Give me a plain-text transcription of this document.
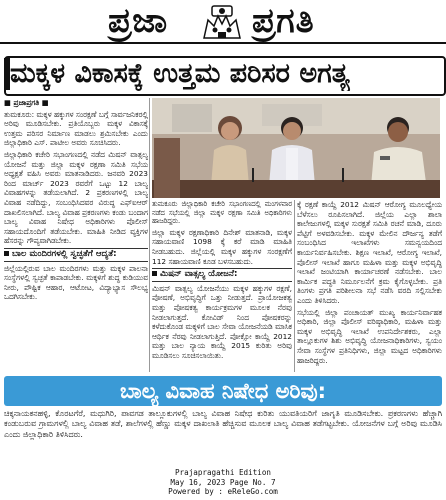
ಪ್ರಜಾ ಪ್ರಗತಿ
ಮಕ್ಕಳ ವಿಕಾಸಕ್ಕೆ ಉತ್ತಮ ಪರಿಸರ ಅಗತ್ಯ

■ ಪ್ರಜಾಪ್ರಗತಿ ■

ತುಮಕೂರು: ಮಕ್ಕಳ ಹಕ್ಕುಗಳ ಸಂರಕ್ಷಣೆ ಬಗ್ಗೆ ಸಾರ್ವಜನಿಕರಲ್ಲಿ ಅರಿವು ಮೂಡಿಸಬೇಕು. ಪ್ರತಿಯೊಬ್ಬರು ಮಕ್ಕಳ ವಿಕಾಸಕ್ಕೆ ಉತ್ತಮ ಪರಿಸರ ನಿರ್ಮಾಣ ಮಾಡಲು ಶ್ರಮಿಸಬೇಕು ಎಂದು ಜಿಲ್ಲಾಧಿಕಾರಿ ಎಸ್. ಪಾಟೀಲ ಅವರು ಸೂಚಿಸಿದರು.

ಜಿಲ್ಲಾಧಿಕಾರಿ ಕಚೇರಿ ಸಭಾಂಗಣದಲ್ಲಿ ನಡೆದ ಮಿಷನ್ ವಾತ್ಸಲ್ಯ ಯೋಜನೆ ಮತ್ತು ಜಿಲ್ಲಾ ಮಕ್ಕಳ ರಕ್ಷಣಾ ಸಮಿತಿ ಸಭೆಯ ಅಧ್ಯಕ್ಷತೆ ವಹಿಸಿ ಅವರು ಮಾತನಾಡಿದರು. ಜನವರಿ 2023 ರಿಂದ ಮಾರ್ಚ್ 2023 ರವರೆಗೆ ಒಟ್ಟು 12 ಬಾಲ್ಯ ವಿವಾಹಗಳನ್ನು ತಡೆಯಲಾಗಿದೆ. 2 ಪ್ರಕರಣಗಳಲ್ಲಿ ಬಾಲ್ಯ ವಿವಾಹ ನಡೆದಿದ್ದು, ಸಂಬಂಧಿಸಿದವರ ವಿರುದ್ಧ ಎಫ್ಐಆರ್ ದಾಖಲಿಸಲಾಗಿದೆ. ಬಾಲ್ಯ ವಿವಾಹ ಪ್ರಕರಣಗಳು ಕಂಡು ಬಂದಾಗ ಬಾಲ್ಯ ವಿವಾಹ ನಿಷೇಧ ಅಧಿಕಾರಿಗಳು ಪೊಲೀಸ್ ಸಹಾಯದೊಂದಿಗೆ ತಡೆಯಬೇಕು. ಮಾಹಿತಿ ನೀಡಿದ ವ್ಯಕ್ತಿಗಳ ಹೆಸರನ್ನು ಗೌಪ್ಯವಾಗಿಡಬೇಕು.

ಬಾಲ ಮಂದಿರಗಳಲ್ಲಿ ಸ್ವಚ್ಛತೆಗೆ ಆದ್ಯತೆ:

ಜಿಲ್ಲೆಯಲ್ಲಿರುವ ಬಾಲ ಮಂದಿರಗಳು ಮತ್ತು ಮಕ್ಕಳ ಪಾಲನಾ ಸಂಸ್ಥೆಗಳಲ್ಲಿ ಸ್ವಚ್ಛತೆ ಕಾಪಾಡಬೇಕು. ಮಕ್ಕಳಿಗೆ ಶುದ್ಧ ಕುಡಿಯುವ ನೀರು, ಪೌಷ್ಟಿಕ ಆಹಾರ, ಆಟೋಟ, ವಿದ್ಯಾಭ್ಯಾಸ ಸೌಲಭ್ಯ ಒದಗಿಸಬೇಕು.

ತುಮಕೂರು ಜಿಲ್ಲಾಧಿಕಾರಿ ಕಚೇರಿ ಸಭಾಂಗಣದಲ್ಲಿ ಮಂಗಳವಾರ ನಡೆದ ಸಭೆಯಲ್ಲಿ ಜಿಲ್ಲಾ ಮಕ್ಕಳ ರಕ್ಷಣಾ ಸಮಿತಿ ಅಧಿಕಾರಿಗಳು ಹಾಜರಿದ್ದರು.

ಜಿಲ್ಲಾ ಮಕ್ಕಳ ರಕ್ಷಣಾಧಿಕಾರಿ ದಿನೇಶ್ ಮಾತನಾಡಿ, ಮಕ್ಕಳ ಸಹಾಯವಾಣಿ 1098 ಕ್ಕೆ ಕರೆ ಮಾಡಿ ಮಾಹಿತಿ ನೀಡಬಹುದು. ಜಿಲ್ಲೆಯಲ್ಲಿ ಮಕ್ಕಳ ಹಕ್ಕುಗಳ ಸಂರಕ್ಷಣೆಗೆ 112 ಸಹಾಯವಾಣಿ ಕೂಡ ಬಳಸಬಹುದು.

ಮಿಷನ್ ವಾತ್ಸಲ್ಯ ಯೋಜನೆ:

ಮಿಷನ್ ವಾತ್ಸಲ್ಯ ಯೋಜನೆಯು ಮಕ್ಕಳ ಹಕ್ಕುಗಳ ರಕ್ಷಣೆ, ಪೋಷಣೆ, ಅಭಿವೃದ್ಧಿಗೆ ಒತ್ತು ನೀಡುತ್ತದೆ. ಪ್ರಾಯೋಜಕತ್ವ ಮತ್ತು ಪೋಷಕತ್ವ ಕಾರ್ಯಕ್ರಮಗಳ ಮೂಲಕ ನೆರವು ನೀಡಲಾಗುತ್ತದೆ. ಕೋವಿಡ್ ನಿಂದ ಪೋಷಕರನ್ನು ಕಳೆದುಕೊಂಡ ಮಕ್ಕಳಿಗೆ ಬಾಲ ಸೇವಾ ಯೋಜನೆಯಡಿ ಮಾಸಿಕ ಆರ್ಥಿಕ ನೆರವು ನೀಡಲಾಗುತ್ತಿದೆ. ಪೋಕ್ಸೋ ಕಾಯ್ದೆ 2012 ಮತ್ತು ಬಾಲ ನ್ಯಾಯ ಕಾಯ್ದೆ 2015 ಕುರಿತು ಅರಿವು ಮೂಡಿಸಲು ಸೂಚಿಸಲಾಯಿತು.

ಕ್ಕೆ ರಕ್ಷಣೆ ಕಾಯ್ದೆ 2012 ಮಿಷನ್ ಆರೋಗ್ಯ ಮೂಲಧ್ಯೇಯ ಬೆಳೆಸಲು ರೂಪಿಸಲಾಗಿದೆ. ಜಿಲ್ಲೆಯ ಎಲ್ಲಾ ಶಾಲಾ ಕಾಲೇಜುಗಳಲ್ಲಿ ಮಕ್ಕಳ ಸುರಕ್ಷತೆ ಸಮಿತಿ ರಚನೆ ಮಾಡಿ, ದೂರು ಪೆಟ್ಟಿಗೆ ಅಳವಡಿಸಬೇಕು. ಮಕ್ಕಳ ಮೇಲಿನ ದೌರ್ಜನ್ಯ ತಡೆಗೆ ಸಂಬಂಧಿಸಿದ ಇಲಾಖೆಗಳು ಸಮನ್ವಯದಿಂದ ಕಾರ್ಯನಿರ್ವಹಿಸಬೇಕು. ಶಿಕ್ಷಣ ಇಲಾಖೆ, ಆರೋಗ್ಯ ಇಲಾಖೆ, ಪೊಲೀಸ್ ಇಲಾಖೆ ಹಾಗೂ ಮಹಿಳಾ ಮತ್ತು ಮಕ್ಕಳ ಅಭಿವೃದ್ಧಿ ಇಲಾಖೆ ಜಂಟಿಯಾಗಿ ಕಾರ್ಯಾಚರಣೆ ನಡೆಸಬೇಕು. ಬಾಲ ಕಾರ್ಮಿಕ ಪದ್ಧತಿ ನಿರ್ಮೂಲನೆಗೆ ಕ್ರಮ ಕೈಗೊಳ್ಳಬೇಕು. ಪ್ರತಿ ತಿಂಗಳು ಪ್ರಗತಿ ಪರಿಶೀಲನಾ ಸಭೆ ನಡೆಸಿ ವರದಿ ಸಲ್ಲಿಸಬೇಕು ಎಂದು ತಿಳಿಸಿದರು.

ಸಭೆಯಲ್ಲಿ ಜಿಲ್ಲಾ ಪಂಚಾಯತ್ ಮುಖ್ಯ ಕಾರ್ಯನಿರ್ವಾಹಕ ಅಧಿಕಾರಿ, ಜಿಲ್ಲಾ ಪೊಲೀಸ್ ವರಿಷ್ಠಾಧಿಕಾರಿ, ಮಹಿಳಾ ಮತ್ತು ಮಕ್ಕಳ ಅಭಿವೃದ್ಧಿ ಇಲಾಖೆ ಉಪನಿರ್ದೇಶಕರು, ಎಲ್ಲಾ ತಾಲ್ಲೂಕುಗಳ ಶಿಶು ಅಭಿವೃದ್ಧಿ ಯೋಜನಾಧಿಕಾರಿಗಳು, ಸ್ವಯಂ ಸೇವಾ ಸಂಸ್ಥೆಗಳ ಪ್ರತಿನಿಧಿಗಳು, ಜಿಲ್ಲಾ ಮಟ್ಟದ ಅಧಿಕಾರಿಗಳು ಹಾಜರಿದ್ದರು.

ಬಾಲ್ಯ ವಿವಾಹ ನಿಷೇಧ ಅರಿವು:

ಚಿಕ್ಕನಾಯಕನಹಳ್ಳಿ, ಕೊರಟಗೆರೆ, ಮಧುಗಿರಿ, ಪಾವಗಡ ತಾಲ್ಲೂಕುಗಳಲ್ಲಿ ಬಾಲ್ಯ ವಿವಾಹ ನಿಷೇಧ ಕುರಿತು ಯುವತಿಯರಿಗೆ ಜಾಗೃತಿ ಮೂಡಿಸಬೇಕು. ಪ್ರಕರಣಗಳು ಹೆಚ್ಚಾಗಿ ಕಂಡುಬರುವ ಗ್ರಾಮಗಳಲ್ಲಿ ಬಾಲ್ಯ ವಿವಾಹ ತಡೆ, ಶಾಲೆಗಳಲ್ಲಿ ಹೆಣ್ಣು ಮಕ್ಕಳ ದಾಖಲಾತಿ ಹೆಚ್ಚಿಸುವ ಮೂಲಕ ಬಾಲ್ಯ ವಿವಾಹ ತಡೆಗಟ್ಟಬೇಕು. ಯೋಜನೆಗಳ ಬಗ್ಗೆ ಅರಿವು ಮೂಡಿಸಿ ಎಂದು ಜಿಲ್ಲಾಧಿಕಾರಿ ತಿಳಿಸಿದರು.

Prajapragathi Edition
May 16, 2023 Page No. 7
Powered by : eReleGo.com
